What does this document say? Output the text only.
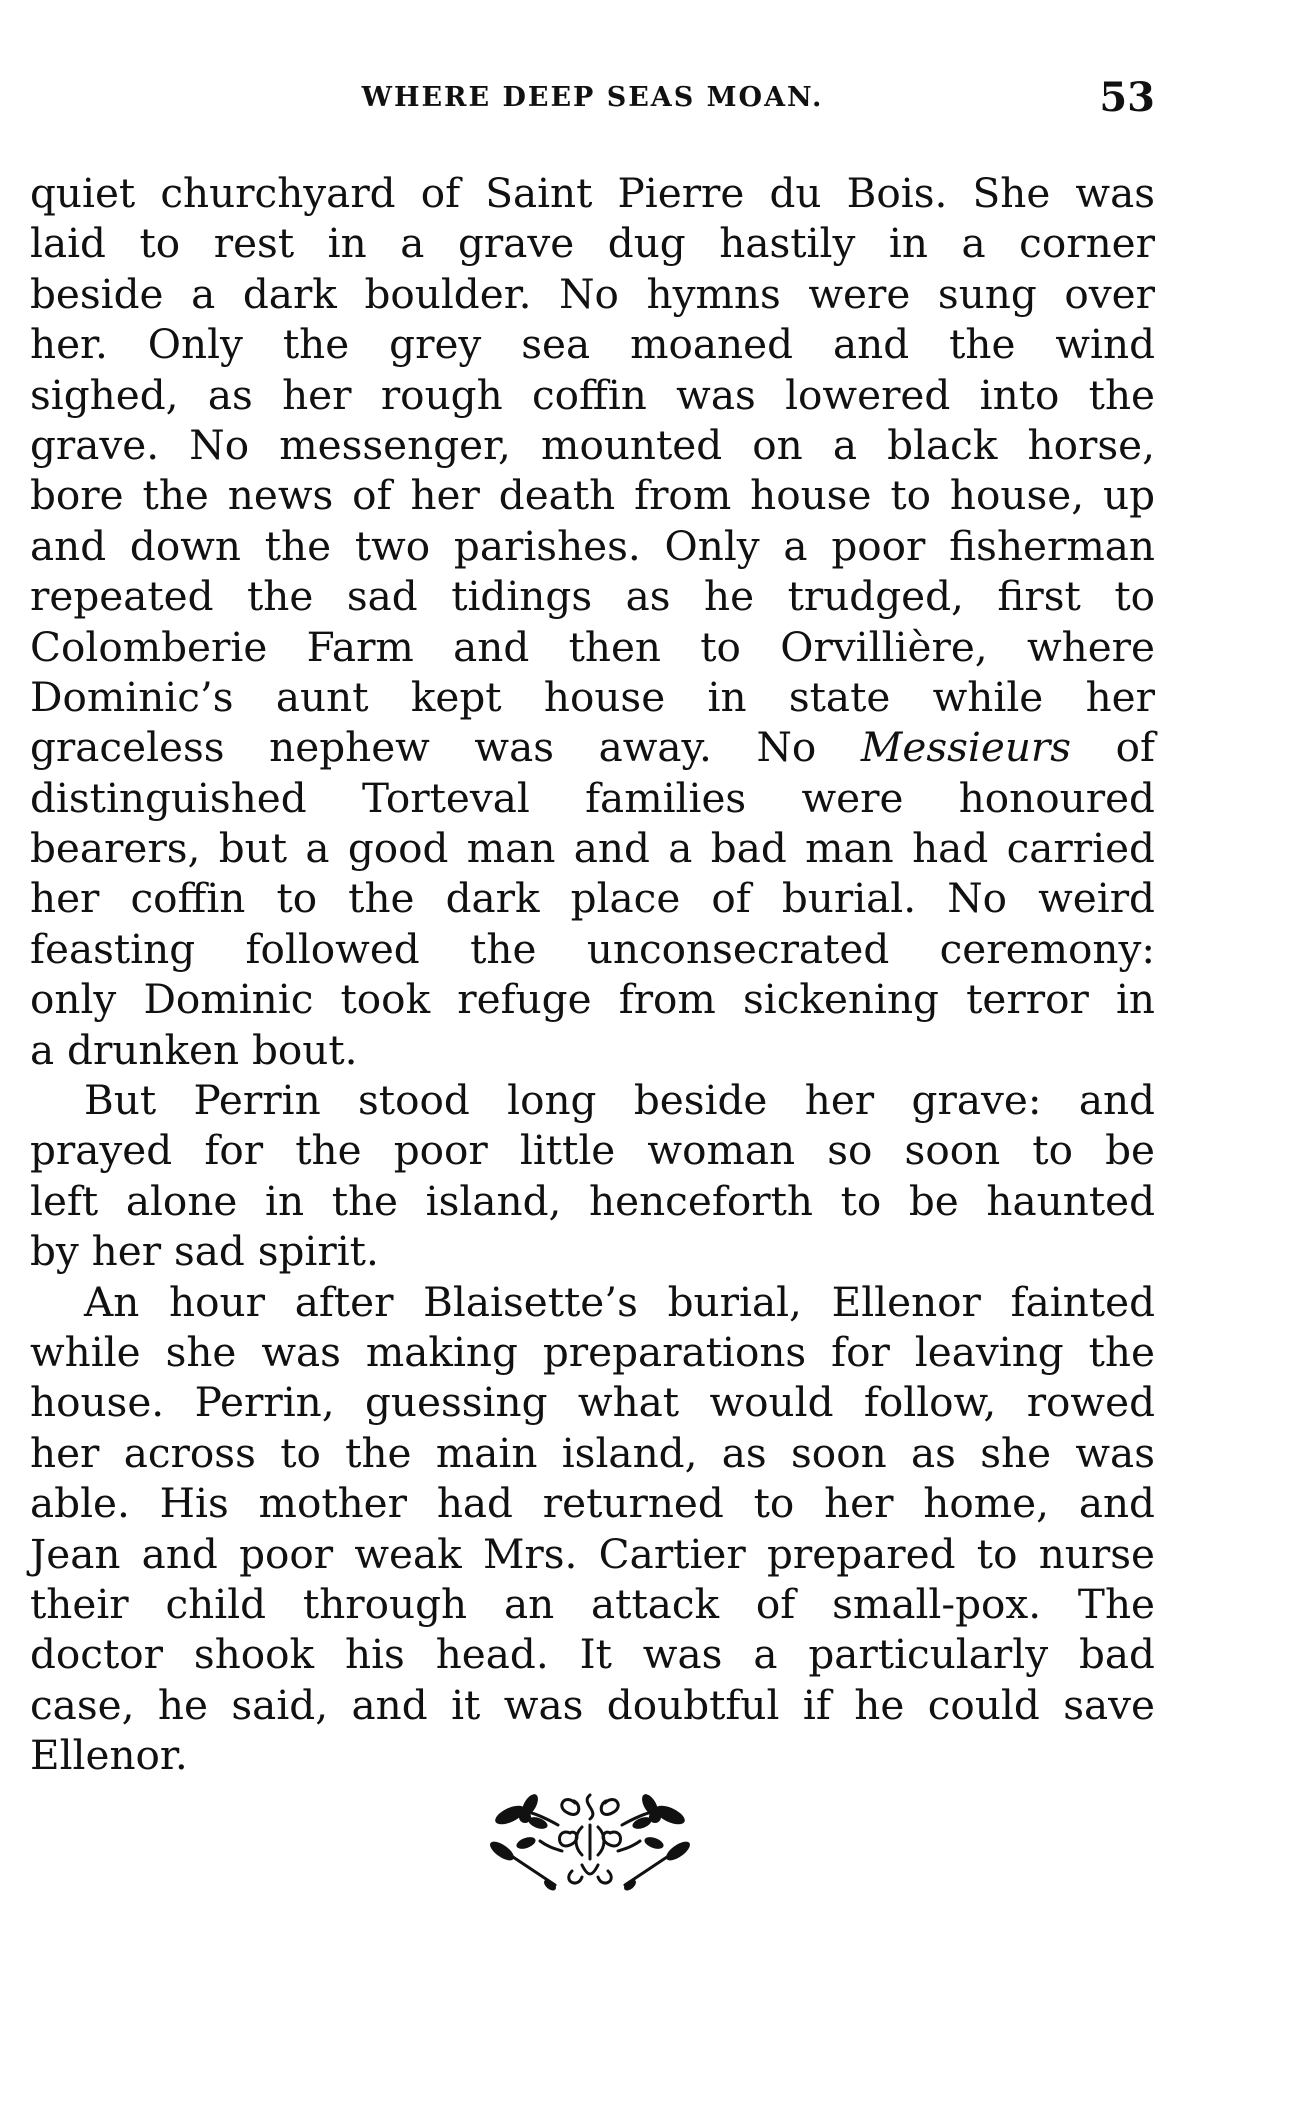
WHERE DEEP SEAS MOAN.	53
quiet churchyard of Saint Pierre du Bois. She was
laid to rest in a grave dug hastily in a corner
beside a dark boulder. No hymns were sung over
her. Only the grey sea moaned and the wind
sighed, as her rough coffin was lowered into the
grave. No messenger, mounted on a black horse,
bore the news of her death from house to house, up
and down the two parishes. Only a poor fisherman
repeated the sad tidings as he trudged, first to
Colomberie Farm and then to Orvillière, where
Dominic’s aunt kept house in state while her
graceless nephew was away. No Messieurs of
distinguished Torteval families were honoured
bearers, but a good man and a bad man had carried
her coffin to the dark place of burial. No weird
feasting followed the unconsecrated ceremony:
only Dominic took refuge from sickening terror in
a drunken bout.
But Perrin stood long beside her grave: and
prayed for the poor little woman so soon to be
left alone in the island, henceforth to be haunted
by her sad spirit.
An hour after Blaisette’s burial, Ellenor fainted
while she was making preparations for leaving the
house. Perrin, guessing what would follow, rowed
her across to the main island, as soon as she was
able. His mother had returned to her home, and
Jean and poor weak Mrs. Cartier prepared to nurse
their child through an attack of small-pox. The
doctor shook his head. It was a particularly bad
case, he said, and it was doubtful if he could save
Ellenor.
